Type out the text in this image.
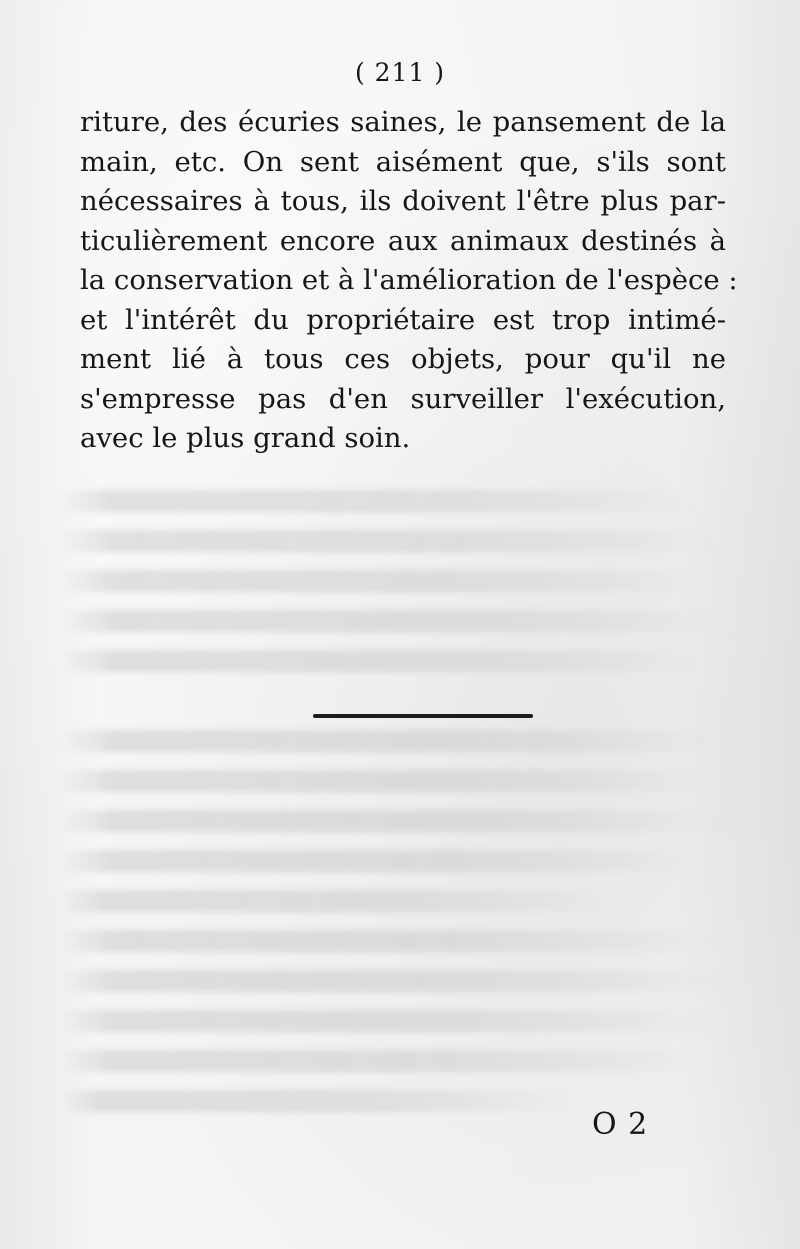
( 211 )
riture, des écuries saines, le pansement de la
main, etc. On sent aisément que, s'ils sont
nécessaires à tous, ils doivent l'être plus par-
ticulièrement encore aux animaux destinés à
la conservation et à l'amélioration de l'espèce :
et l'intérêt du propriétaire est trop intimé-
ment lié à tous ces objets, pour qu'il ne
s'empresse pas d'en surveiller l'exécution,
avec le plus grand soin.
O 2
